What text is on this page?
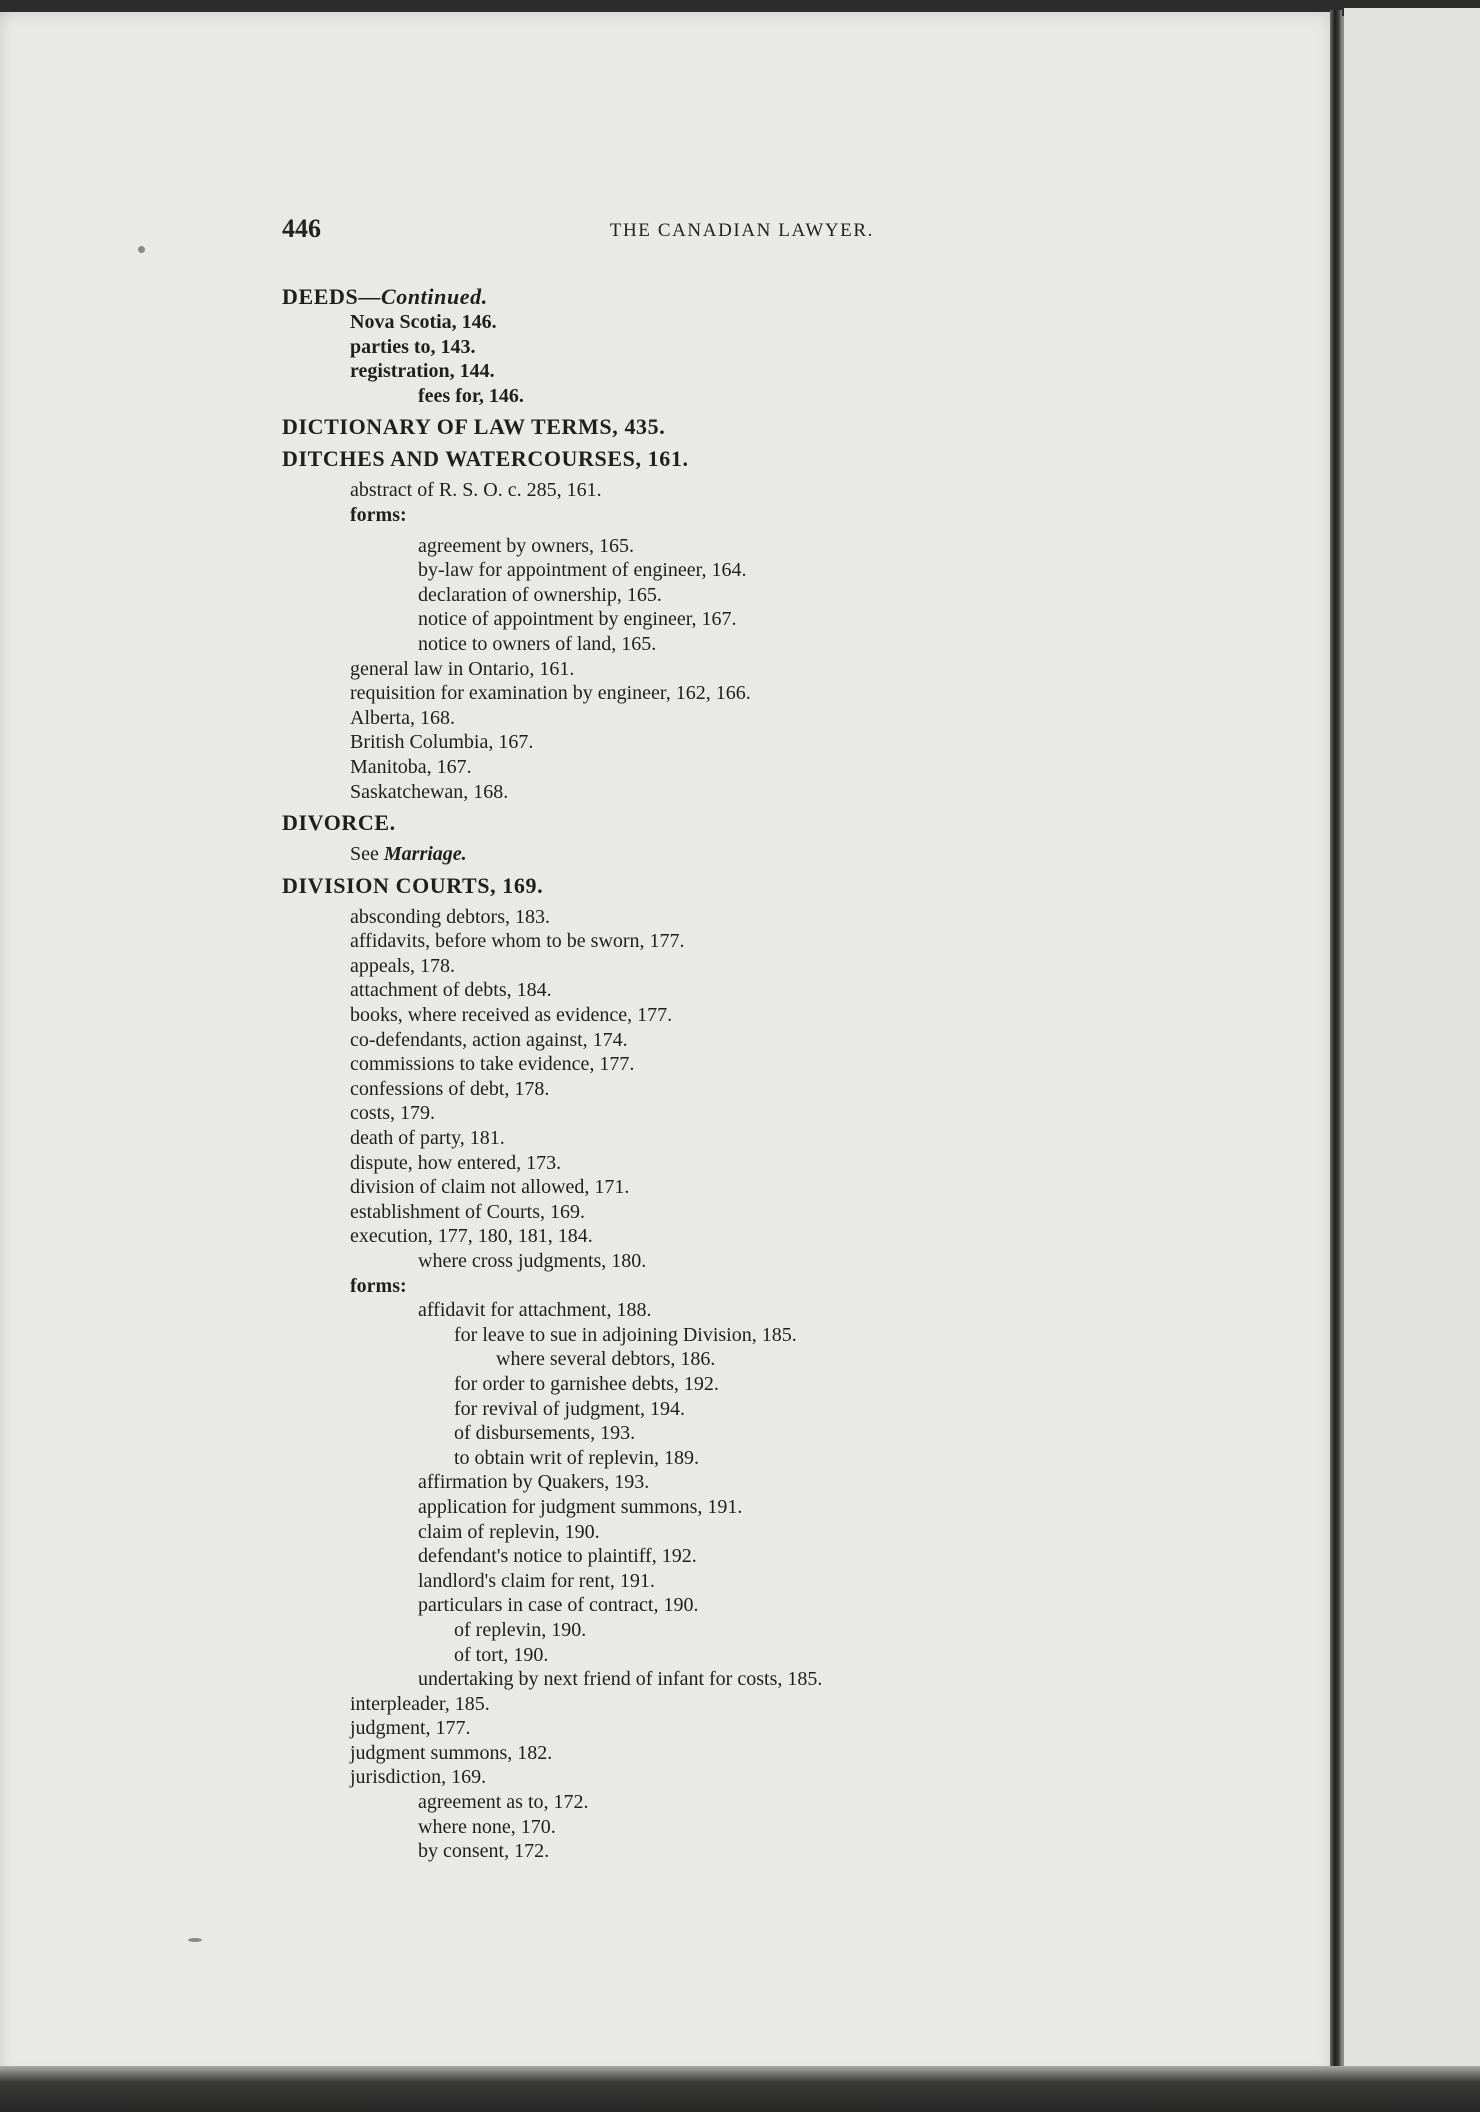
446	THE CANADIAN LAWYER.
DEEDS—Continued.
Nova Scotia, 146.
parties to, 143.
registration, 144.
fees for, 146.
DICTIONARY OF LAW TERMS, 435.
DITCHES AND WATERCOURSES, 161.
abstract of R. S. O. c. 285, 161.
forms:
agreement by owners, 165.
by-law for appointment of engineer, 164.
declaration of ownership, 165.
notice of appointment by engineer, 167.
notice to owners of land, 165.
general law in Ontario, 161.
requisition for examination by engineer, 162, 166.
Alberta, 168.
British Columbia, 167.
Manitoba, 167.
Saskatchewan, 168.
DIVORCE.
See Marriage.
DIVISION COURTS, 169.
absconding debtors, 183.
affidavits, before whom to be sworn, 177.
appeals, 178.
attachment of debts, 184.
books, where received as evidence, 177.
co-defendants, action against, 174.
commissions to take evidence, 177.
confessions of debt, 178.
costs, 179.
death of party, 181.
dispute, how entered, 173.
division of claim not allowed, 171.
establishment of Courts, 169.
execution, 177, 180, 181, 184.
where cross judgments, 180.
forms:
affidavit for attachment, 188.
for leave to sue in adjoining Division, 185.
where several debtors, 186.
for order to garnishee debts, 192.
for revival of judgment, 194.
of disbursements, 193.
to obtain writ of replevin, 189.
affirmation by Quakers, 193.
application for judgment summons, 191.
claim of replevin, 190.
defendant's notice to plaintiff, 192.
landlord's claim for rent, 191.
particulars in case of contract, 190.
of replevin, 190.
of tort, 190.
undertaking by next friend of infant for costs, 185.
interpleader, 185.
judgment, 177.
judgment summons, 182.
jurisdiction, 169.
agreement as to, 172.
where none, 170.
by consent, 172.
